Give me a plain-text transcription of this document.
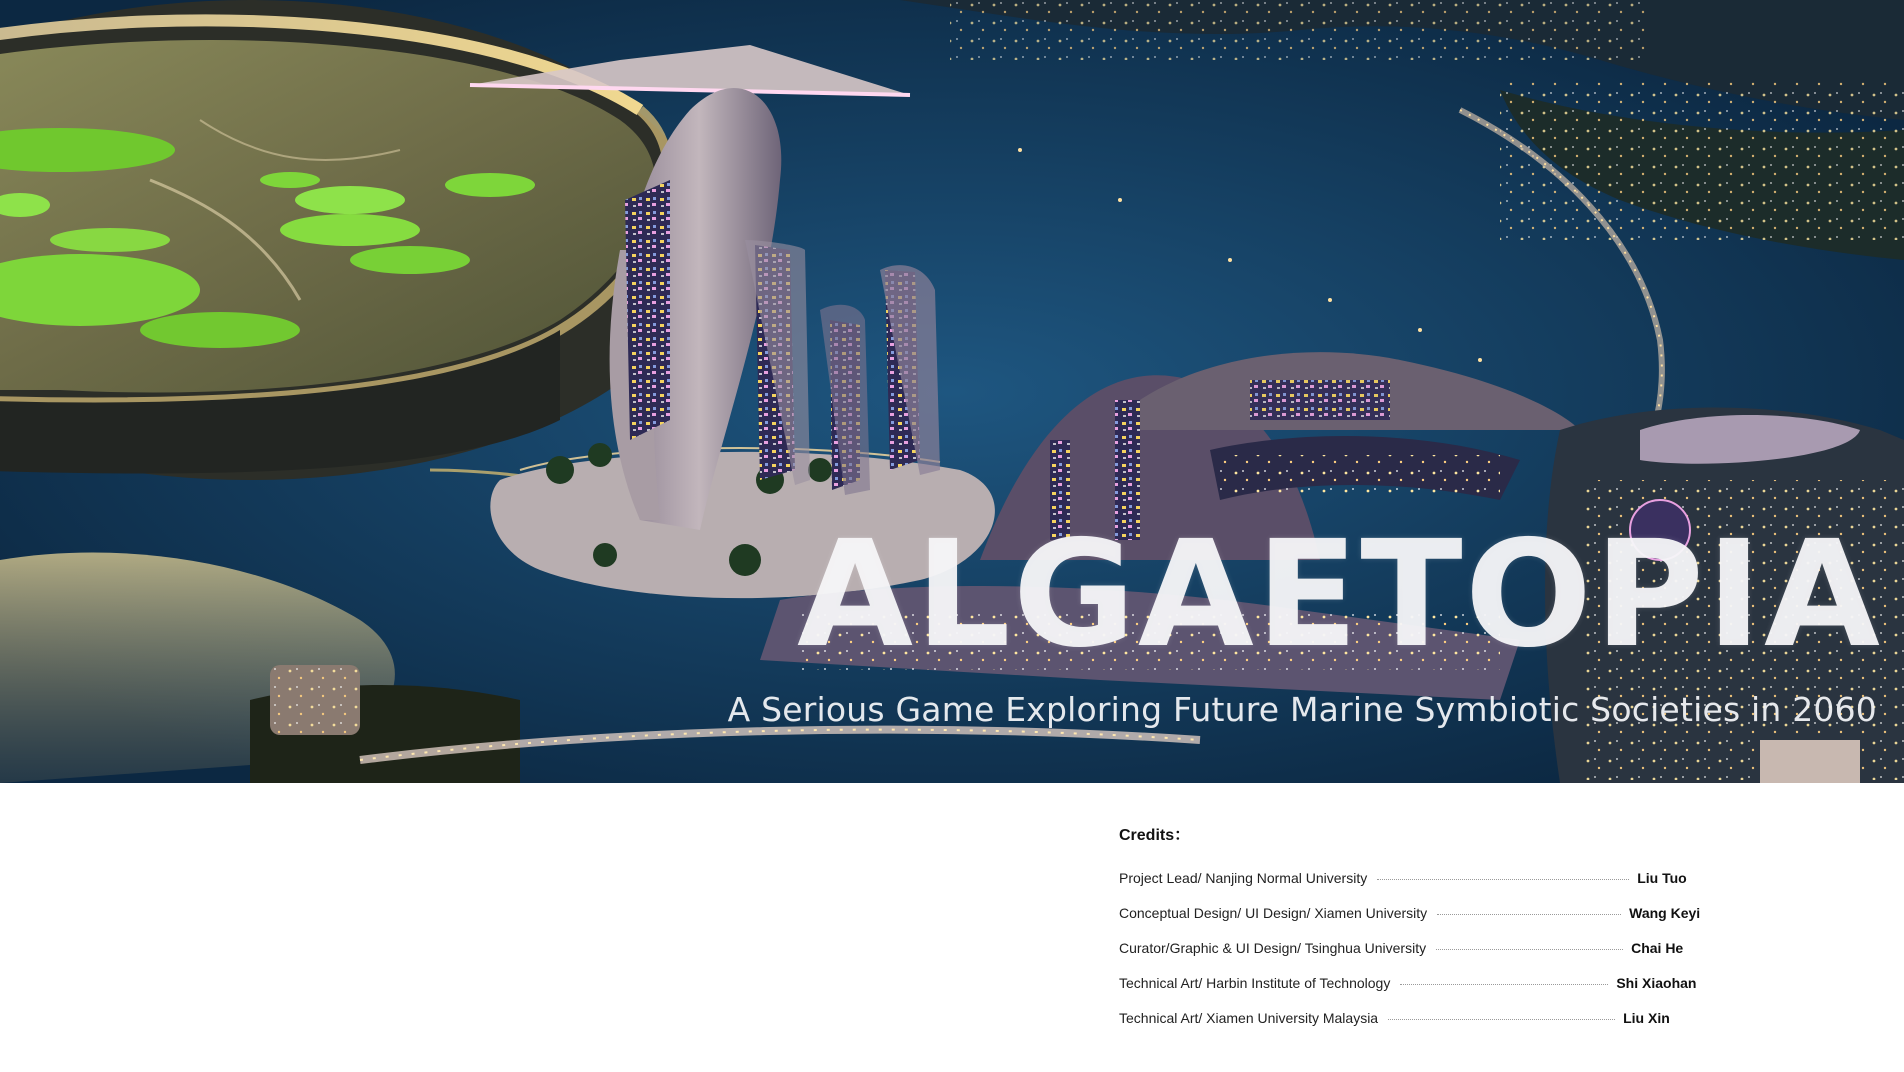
ALGAETOPIA
A Serious Game Exploring Future Marine Symbiotic Societies in 2060
Credits：
Project Lead/ Nanjing Normal University	Liu Tuo
Conceptual Design/ UI Design/ Xiamen University	Wang Keyi
Curator/Graphic & UI Design/ Tsinghua University	Chai He
Technical Art/ Harbin Institute of Technology	Shi Xiaohan
Technical Art/ Xiamen University Malaysia	Liu Xin
